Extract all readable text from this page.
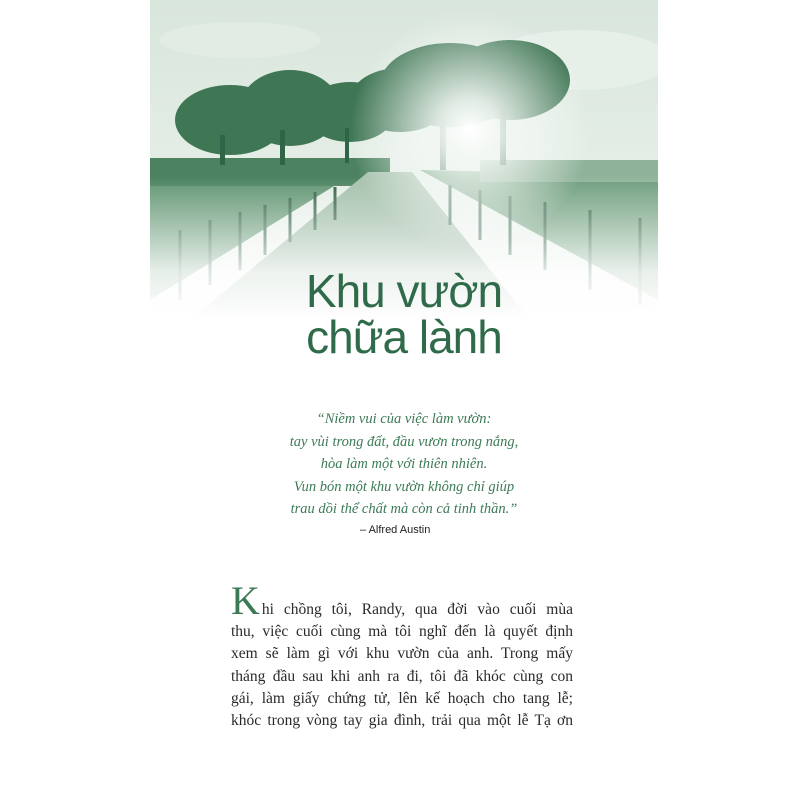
Khu vườn
chữa lành
“Niềm vui của việc làm vườn:
tay vùi trong đất, đầu vươn trong nắng,
hòa làm một với thiên nhiên.
Vun bón một khu vườn không chỉ giúp
trau dồi thể chất mà còn cả tinh thần.”
– Alfred Austin
Khi chồng tôi, Randy, qua đời vào cuối mùa
thu, việc cuối cùng mà tôi nghĩ đến là quyết định
xem sẽ làm gì với khu vườn của anh. Trong mấy
tháng đầu sau khi anh ra đi, tôi đã khóc cùng con
gái, làm giấy chứng tử, lên kế hoạch cho tang lễ;
khóc trong vòng tay gia đình, trải qua một lễ Tạ ơn
